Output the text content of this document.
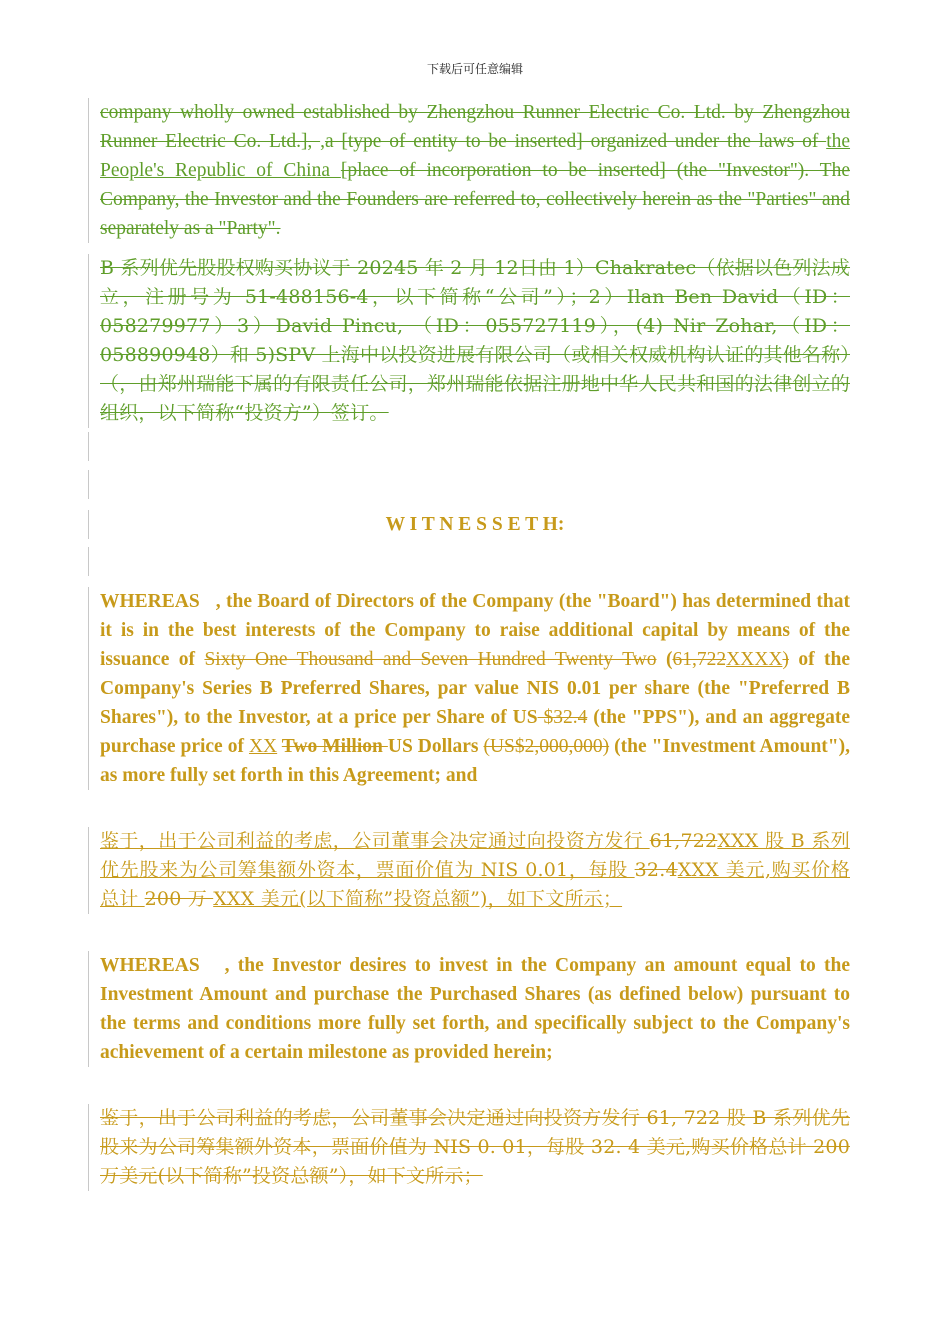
下载后可任意编辑

company wholly owned established by Zhengzhou Runner Electric Co. Ltd. by Zhengzhou Runner Electric Co. Ltd.], ,a [type of entity to be inserted] organized under the laws of the People's Republic of China [place of incorporation to be inserted] (the "Investor"). The Company, the Investor and the Founders are referred to, collectively herein as the "Parties" and separately as a "Party".

B 系列优先股股权购买协议于 20245 年 2 月 12日由 1）Chakratec（依据以色列法成立，注册号为 51-488156-4，以下简称“公司”）；2）Ilan Ben David（ID：058279977）3）David Pincu, （ID：055727119），(4) Nir Zohar,（ID：058890948）和 5)SPV 上海中以投资进展有限公司（或相关权威机构认证的其他名称）（，由郑州瑞能下属的有限责任公司，郑州瑞能依据注册地中华人民共和国的法律创立的组织，以下简称“投资方”）签订。

W I T N E S S E T H:

WHEREAS , the Board of Directors of the Company (the "Board") has determined that it is in the best interests of the Company to raise additional capital by means of the issuance of Sixty One Thousand and Seven Hundred Twenty Two (61,722XXXX) of the Company's Series B Preferred Shares, par value NIS 0.01 per share (the "Preferred B Shares"), to the Investor, at a price per Share of US $32.4 (the "PPS"), and an aggregate purchase price of XX Two Million US Dollars (US$2,000,000) (the "Investment Amount"), as more fully set forth in this Agreement; and

鉴于，出于公司利益的考虑，公司董事会决定通过向投资方发行 61,722XXX 股 B 系列优先股来为公司筹集额外资本，票面价值为 NIS 0.01，每股 32.4XXX 美元,购买价格总计 200 万 XXX 美元(以下简称”投资总额”)，如下文所示；

WHEREAS , the Investor desires to invest in the Company an amount equal to the Investment Amount and purchase the Purchased Shares (as defined below) pursuant to the terms and conditions more fully set forth, and specifically subject to the Company's achievement of a certain milestone as provided herein;

鉴于，出于公司利益的考虑，公司董事会决定通过向投资方发行 61, 722 股 B 系列优先股来为公司筹集额外资本，票面价值为 NIS 0. 01，每股 32. 4 美元,购买价格总计 200 万美元(以下简称”投资总额”），如下文所示；
